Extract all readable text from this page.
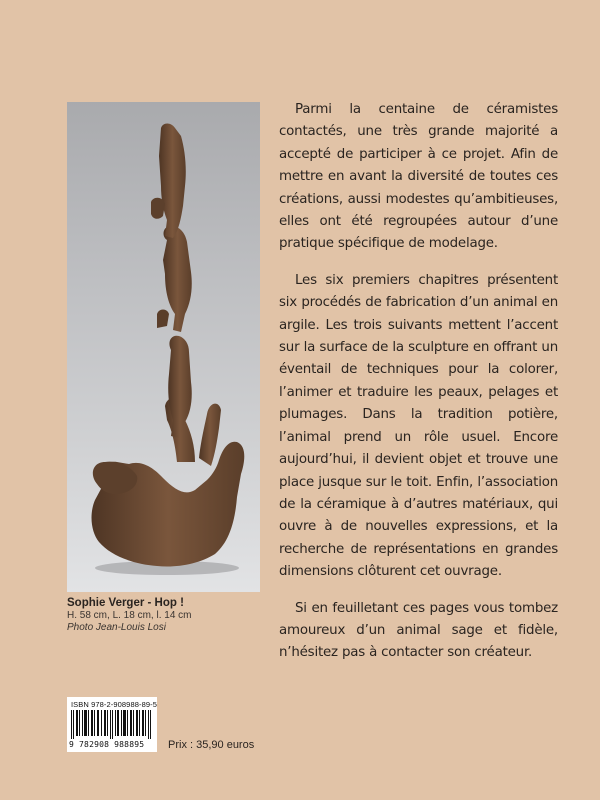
Sophie Verger - Hop !
H. 58 cm, L. 18 cm, l. 14 cm
Photo Jean-Louis Losi

Parmi la centaine de céramistes contactés, une très grande majorité a accepté de participer à ce projet. Afin de mettre en avant la diversité de toutes ces créations, aussi modestes qu’ambitieuses, elles ont été regroupées autour d’une pratique spécifique de modelage.

Les six premiers chapitres présentent six procédés de fabrication d’un animal en argile. Les trois suivants mettent l’accent sur la surface de la sculpture en offrant un éventail de techniques pour la colorer, l’animer et traduire les peaux, pelages et plumages. Dans la tradition potière, l’animal prend un rôle usuel. Encore aujourd’hui, il devient objet et trouve une place jusque sur le toit. Enfin, l’association de la céramique à d’autres matériaux, qui ouvre à de nouvelles expressions, et la recherche de représentations en grandes dimensions clôturent cet ouvrage.

Si en feuilletant ces pages vous tombez amoureux d’un animal sage et fidèle, n’hésitez pas à contacter son créateur.

ISBN 978-2-908988-89-5
9 782908 988895 Prix : 35,90 euros
